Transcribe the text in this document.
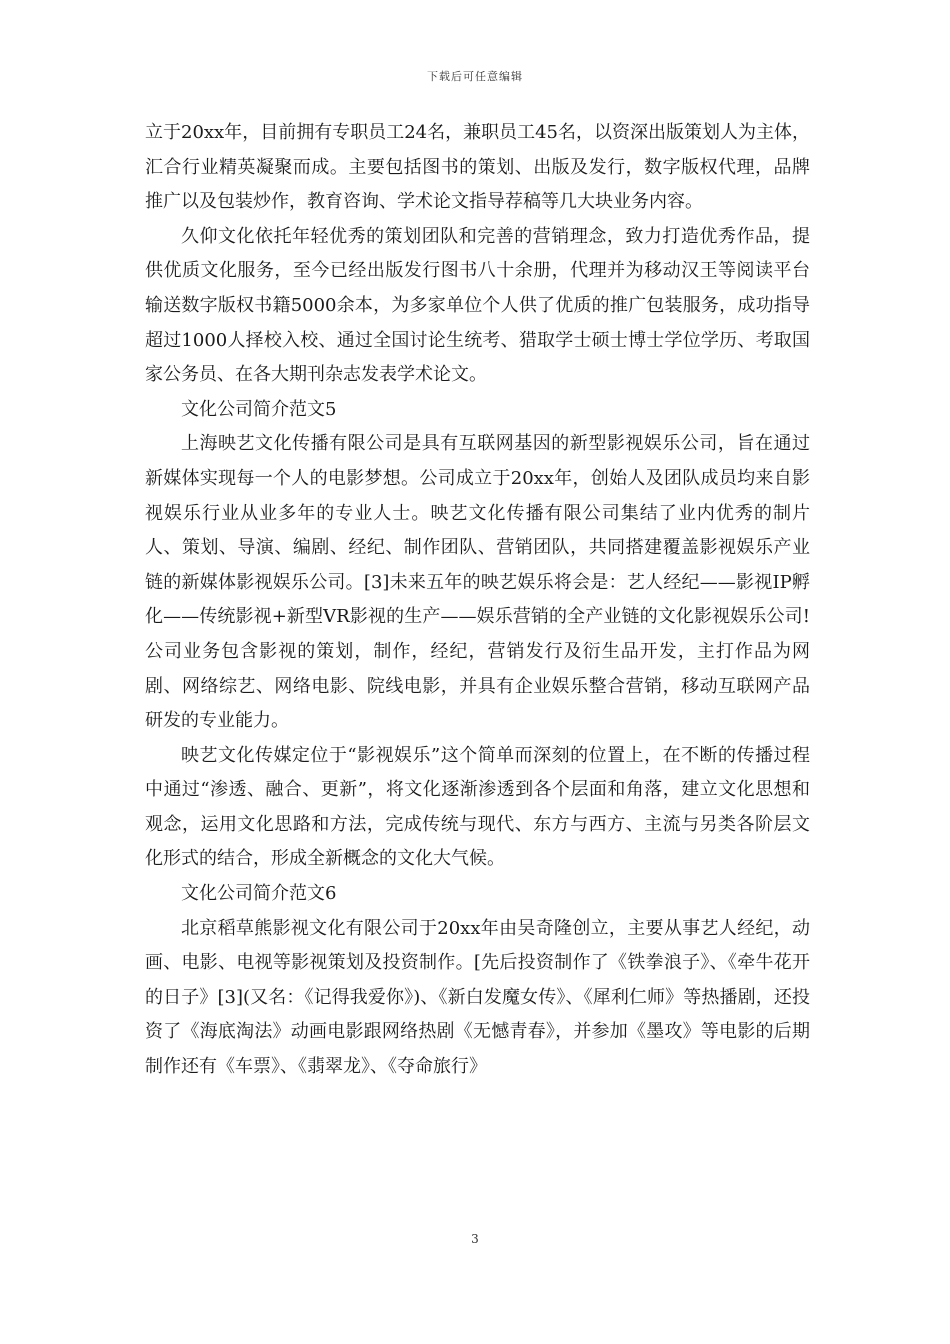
下载后可任意编辑

立于20xx年，目前拥有专职员工24名，兼职员工45名，以资深出版策划人为主体，汇合行业精英凝聚而成。主要包括图书的策划、出版及发行，数字版权代理，品牌推广以及包装炒作，教育咨询、学术论文指导荐稿等几大块业务内容。

久仰文化依托年轻优秀的策划团队和完善的营销理念，致力打造优秀作品，提供优质文化服务，至今已经出版发行图书八十余册，代理并为移动汉王等阅读平台输送数字版权书籍5000余本，为多家单位个人供了优质的推广包装服务，成功指导超过1000人择校入校、通过全国讨论生统考、猎取学士硕士博士学位学历、考取国家公务员、在各大期刊杂志发表学术论文。

文化公司简介范文5

上海映艺文化传播有限公司是具有互联网基因的新型影视娱乐公司，旨在通过新媒体实现每一个人的电影梦想。公司成立于20xx年，创始人及团队成员均来自影视娱乐行业从业多年的专业人士。映艺文化传播有限公司集结了业内优秀的制片人、策划、导演、编剧、经纪、制作团队、营销团队，共同搭建覆盖影视娱乐产业链的新媒体影视娱乐公司。[3]未来五年的映艺娱乐将会是：艺人经纪——影视IP孵化——传统影视+新型VR影视的生产——娱乐营销的全产业链的文化影视娱乐公司!公司业务包含影视的策划，制作，经纪，营销发行及衍生品开发，主打作品为网剧、网络综艺、网络电影、院线电影，并具有企业娱乐整合营销，移动互联网产品研发的专业能力。

映艺文化传媒定位于“影视娱乐”这个简单而深刻的位置上，在不断的传播过程中通过“渗透、融合、更新”，将文化逐渐渗透到各个层面和角落，建立文化思想和观念，运用文化思路和方法，完成传统与现代、东方与西方、主流与另类各阶层文化形式的结合，形成全新概念的文化大气候。

文化公司简介范文6

北京稻草熊影视文化有限公司于20xx年由吴奇隆创立，主要从事艺人经纪，动画、电影、电视等影视策划及投资制作。[先后投资制作了《铁拳浪子》、《牵牛花开的日子》[3](又名：《记得我爱你》)、《新白发魔女传》、《犀利仁师》等热播剧，还投资了《海底淘法》动画电影跟网络热剧《无憾青春》，并参加《墨攻》等电影的后期制作还有《车票》、《翡翠龙》、《夺命旅行》

3
